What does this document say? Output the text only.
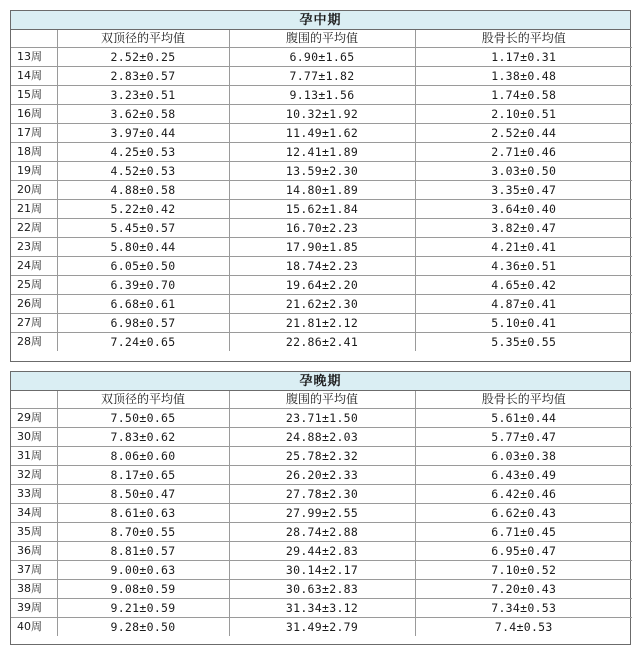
孕中期
	双顶径的平均值	腹围的平均值	股骨长的平均值
13周	2.52±0.25	6.90±1.65	1.17±0.31
14周	2.83±0.57	7.77±1.82	1.38±0.48
15周	3.23±0.51	9.13±1.56	1.74±0.58
16周	3.62±0.58	10.32±1.92	2.10±0.51
17周	3.97±0.44	11.49±1.62	2.52±0.44
18周	4.25±0.53	12.41±1.89	2.71±0.46
19周	4.52±0.53	13.59±2.30	3.03±0.50
20周	4.88±0.58	14.80±1.89	3.35±0.47
21周	5.22±0.42	15.62±1.84	3.64±0.40
22周	5.45±0.57	16.70±2.23	3.82±0.47
23周	5.80±0.44	17.90±1.85	4.21±0.41
24周	6.05±0.50	18.74±2.23	4.36±0.51
25周	6.39±0.70	19.64±2.20	4.65±0.42
26周	6.68±0.61	21.62±2.30	4.87±0.41
27周	6.98±0.57	21.81±2.12	5.10±0.41
28周	7.24±0.65	22.86±2.41	5.35±0.55
孕晚期
	双顶径的平均值	腹围的平均值	股骨长的平均值
29周	7.50±0.65	23.71±1.50	5.61±0.44
30周	7.83±0.62	24.88±2.03	5.77±0.47
31周	8.06±0.60	25.78±2.32	6.03±0.38
32周	8.17±0.65	26.20±2.33	6.43±0.49
33周	8.50±0.47	27.78±2.30	6.42±0.46
34周	8.61±0.63	27.99±2.55	6.62±0.43
35周	8.70±0.55	28.74±2.88	6.71±0.45
36周	8.81±0.57	29.44±2.83	6.95±0.47
37周	9.00±0.63	30.14±2.17	7.10±0.52
38周	9.08±0.59	30.63±2.83	7.20±0.43
39周	9.21±0.59	31.34±3.12	7.34±0.53
40周	9.28±0.50	31.49±2.79	7.4±0.53
